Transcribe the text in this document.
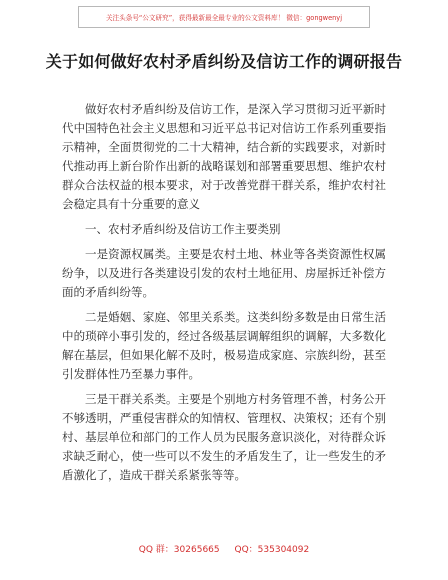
关注头条号“公文研究”，获得最新最全最专业的公文资料库！ 微信：gongwenyj
关于如何做好农村矛盾纠纷及信访工作的调研报告

做好农村矛盾纠纷及信访工作，是深入学习贯彻习近平新时代中国特色社会主义思想和习近平总书记对信访工作系列重要指示精神，全面贯彻党的二十大精神，结合新的实践要求，对新时代推动再上新台阶作出新的战略谋划和部署重要思想、维护农村群众合法权益的根本要求，对于改善党群干群关系，维护农村社会稳定具有十分重要的意义

一、农村矛盾纠纷及信访工作主要类别

一是资源权属类。主要是农村土地、林业等各类资源性权属纷争，以及进行各类建设引发的农村土地征用、房屋拆迁补偿方面的矛盾纠纷等。

二是婚姻、家庭、邻里关系类。这类纠纷多数是由日常生活中的琐碎小事引发的，经过各级基层调解组织的调解，大多数化解在基层，但如果化解不及时，极易造成家庭、宗族纠纷，甚至引发群体性乃至暴力事件。

三是干群关系类。主要是个别地方村务管理不善，村务公开不够透明，严重侵害群众的知情权、管理权、决策权；还有个别村、基层单位和部门的工作人员为民服务意识淡化，对待群众诉求缺乏耐心，使一些可以不发生的矛盾发生了，让一些发生的矛盾激化了，造成干群关系紧张等等。

QQ 群：30265665 QQ：535304092
